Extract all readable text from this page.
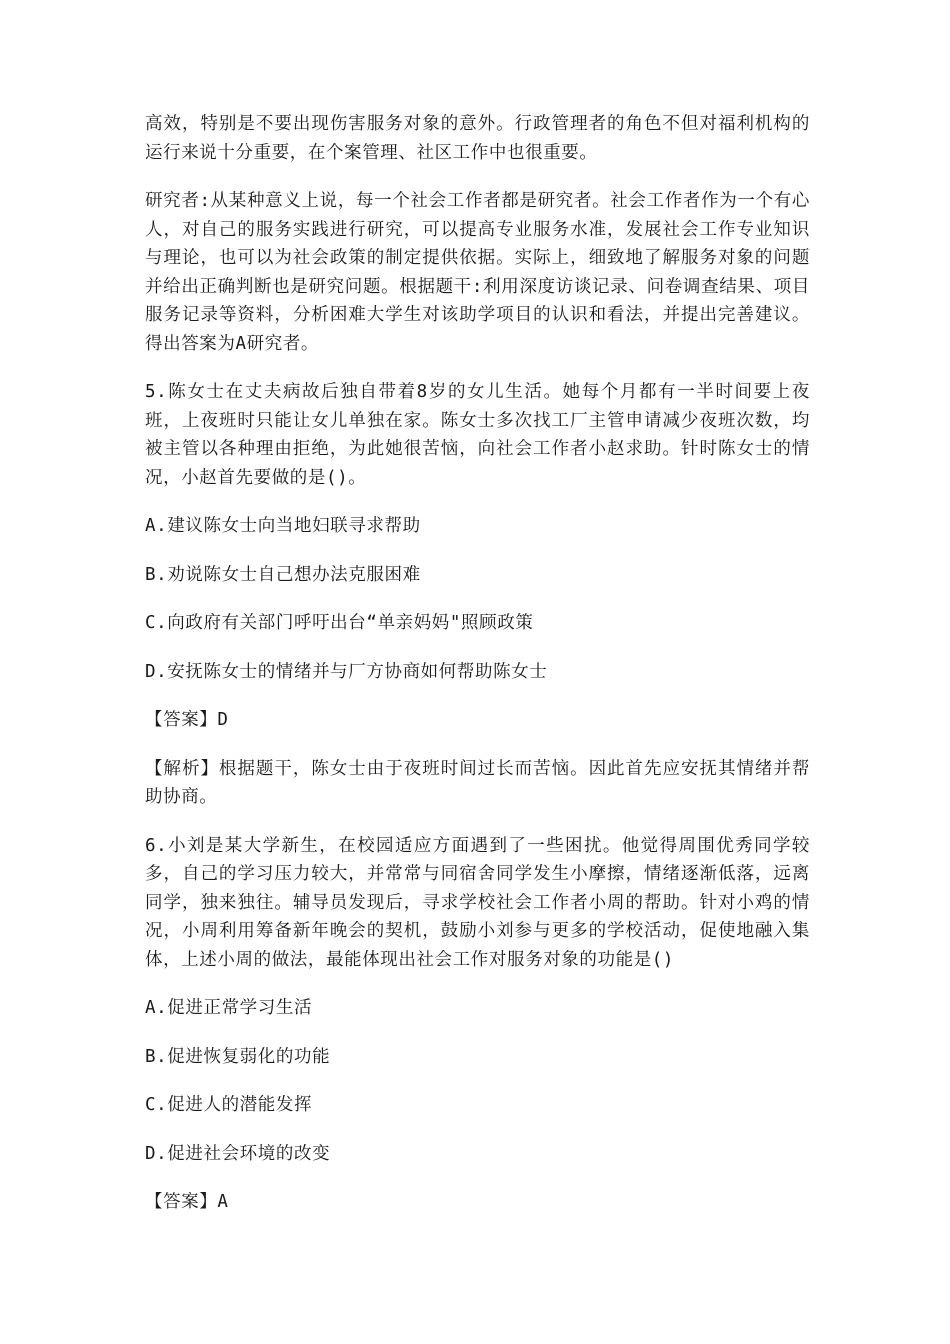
高效，特别是不要出现伤害服务对象的意外。行政管理者的角色不但对福利机构的运行来说十分重要，在个案管理、社区工作中也很重要。

研究者:从某种意义上说，每一个社会工作者都是研究者。社会工作者作为一个有心人，对自己的服务实践进行研究，可以提高专业服务水准，发展社会工作专业知识与理论，也可以为社会政策的制定提供依据。实际上，细致地了解服务对象的问题并给出正确判断也是研究问题。根据题干:利用深度访谈记录、问卷调查结果、项目服务记录等资料，分析困难大学生对该助学项目的认识和看法，并提出完善建议。得出答案为A研究者。

5.陈女士在丈夫病故后独自带着8岁的女儿生活。她每个月都有一半时间要上夜班，上夜班时只能让女儿单独在家。陈女士多次找工厂主管申请减少夜班次数，均被主管以各种理由拒绝，为此她很苦恼，向社会工作者小赵求助。针时陈女士的情况，小赵首先要做的是()。

A.建议陈女士向当地妇联寻求帮助

B.劝说陈女士自己想办法克服困难

C.向政府有关部门呼吁出台“单亲妈妈"照顾政策

D.安抚陈女士的情绪并与厂方协商如何帮助陈女士

【答案】D

【解析】根据题干，陈女士由于夜班时间过长而苦恼。因此首先应安抚其情绪并帮助协商。

6.小刘是某大学新生，在校园适应方面遇到了一些困扰。他觉得周围优秀同学较多，自己的学习压力较大，并常常与同宿舍同学发生小摩擦，情绪逐渐低落，远离同学，独来独往。辅导员发现后，寻求学校社会工作者小周的帮助。针对小鸡的情况，小周利用筹备新年晚会的契机，鼓励小刘参与更多的学校活动，促使地融入集体，上述小周的做法，最能体现出社会工作对服务对象的功能是()

A.促进正常学习生活

B.促进恢复弱化的功能

C.促进人的潜能发挥

D.促进社会环境的改变

【答案】A
